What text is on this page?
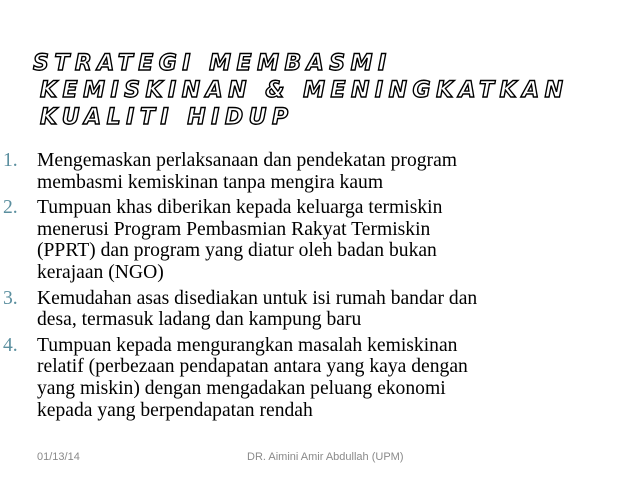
STRATEGI MEMBASMI
KEMISKINAN & MENINGKATKAN
KUALITI HIDUP
1. Mengemaskan perlaksanaan dan pendekatan program
membasmi kemiskinan tanpa mengira kaum
2. Tumpuan khas diberikan kepada keluarga termiskin
menerusi Program Pembasmian Rakyat Termiskin
(PPRT) dan program yang diatur oleh badan bukan
kerajaan (NGO)
3. Kemudahan asas disediakan untuk isi rumah bandar dan
desa, termasuk ladang dan kampung baru
4. Tumpuan kepada mengurangkan masalah kemiskinan
relatif (perbezaan pendapatan antara yang kaya dengan
yang miskin) dengan mengadakan peluang ekonomi
kepada yang berpendapatan rendah
01/13/14	DR. Aimini Amir Abdullah (UPM)
